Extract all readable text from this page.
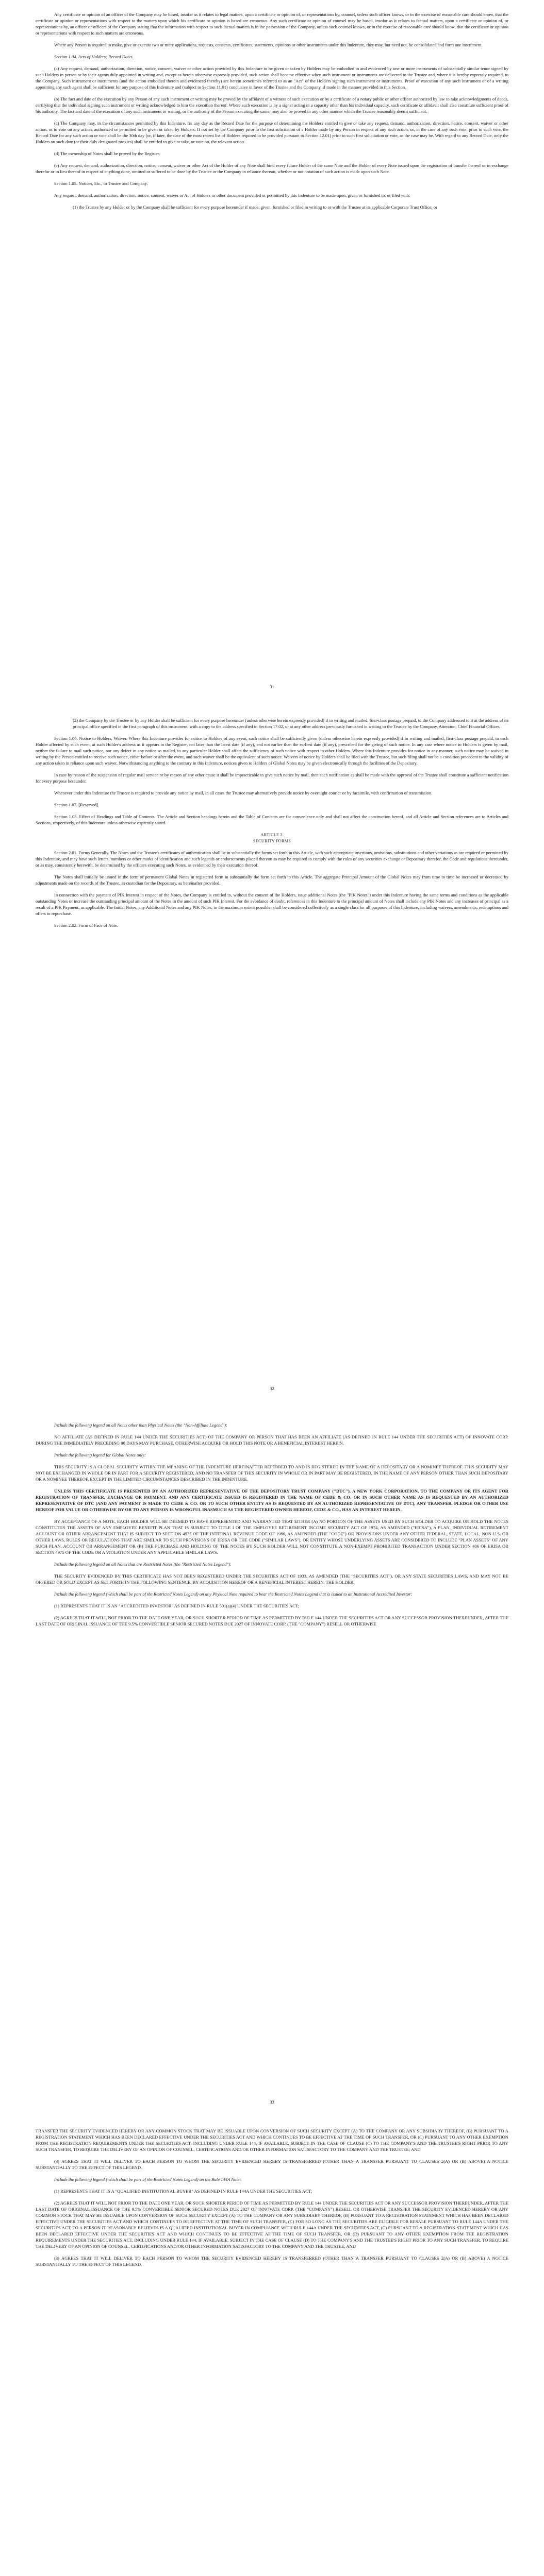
Any certificate or opinion of an officer of the Company may be based, insofar as it relates to legal matters, upon a certificate or opinion of, or representations by, counsel, unless such officer knows, or in the exercise of reasonable care should know, that the certificate or opinion or representations with respect to the matters upon which his certificate or opinion is based are erroneous. Any such certificate or opinion of counsel may be based, insofar as it relates to factual matters, upon a certificate or opinion of, or representations by, an officer or officers of the Company stating that the information with respect to such factual matters is in the possession of the Company, unless such counsel knows, or in the exercise of reasonable care should know, that the certificate or opinion or representations with respect to such matters are erroneous.

Where any Person is required to make, give or execute two or more applications, requests, consents, certificates, statements, opinions or other instruments under this Indenture, they may, but need not, be consolidated and form one instrument.

Section 1.04. Acts of Holders; Record Dates.

(a) Any request, demand, authorization, direction, notice, consent, waiver or other action provided by this Indenture to be given or taken by Holders may be embodied in and evidenced by one or more instruments of substantially similar tenor signed by such Holders in person or by their agents duly appointed in writing and, except as herein otherwise expressly provided, such action shall become effective when such instrument or instruments are delivered to the Trustee and, where it is hereby expressly required, to the Company. Such instrument or instruments (and the action embodied therein and evidenced thereby) are herein sometimes referred to as an "Act" of the Holders signing such instrument or instruments. Proof of execution of any such instrument or of a writing appointing any such agent shall be sufficient for any purpose of this Indenture and (subject to Section 11.01) conclusive in favor of the Trustee and the Company, if made in the manner provided in this Section.

(b) The fact and date of the execution by any Person of any such instrument or writing may be proved by the affidavit of a witness of such execution or by a certificate of a notary public or other officer authorized by law to take acknowledgments of deeds, certifying that the individual signing such instrument or writing acknowledged to him the execution thereof. Where such execution is by a signer acting in a capacity other than his individual capacity, such certificate or affidavit shall also constitute sufficient proof of his authority. The fact and date of the execution of any such instrument or writing, or the authority of the Person executing the same, may also be proved in any other manner which the Trustee reasonably deems sufficient.

(c) The Company may, in the circumstances permitted by this Indenture, fix any day as the Record Date for the purpose of determining the Holders entitled to give or take any request, demand, authorization, direction, notice, consent, waiver or other action, or to vote on any action, authorized or permitted to be given or taken by Holders. If not set by the Company prior to the first solicitation of a Holder made by any Person in respect of any such action, or, in the case of any such vote, prior to such vote, the Record Date for any such action or vote shall be the 30th day (or, if later, the date of the most recent list of Holders required to be provided pursuant to Section 12.01) prior to such first solicitation or vote, as the case may be. With regard to any Record Date, only the Holders on such date (or their duly designated proxies) shall be entitled to give or take, or vote on, the relevant action.

(d) The ownership of Notes shall be proved by the Register.

(e) Any request, demand, authorization, direction, notice, consent, waiver or other Act of the Holder of any Note shall bind every future Holder of the same Note and the Holder of every Note issued upon the registration of transfer thereof or in exchange therefor or in lieu thereof in respect of anything done, omitted or suffered to be done by the Trustee or the Company in reliance thereon, whether or not notation of such action is made upon such Note.

Section 1.05. Notices, Etc., to Trustee and Company.

Any request, demand, authorization, direction, notice, consent, waiver or Act of Holders or other document provided or permitted by this Indenture to be made upon, given or furnished to, or filed with:

(1) the Trustee by any Holder or by the Company shall be sufficient for every purpose hereunder if made, given, furnished or filed in writing to or with the Trustee at its applicable Corporate Trust Office; or

31

(2) the Company by the Trustee or by any Holder shall be sufficient for every purpose hereunder (unless otherwise herein expressly provided) if in writing and mailed, first-class postage prepaid, to the Company addressed to it at the address of its principal office specified in the first paragraph of this instrument, with a copy to the address specified in Section 17.02, or at any other address previously furnished in writing to the Trustee by the Company, Attention: Chief Financial Officer.

Section 1.06. Notice to Holders; Waiver. Where this Indenture provides for notice to Holders of any event, such notice shall be sufficiently given (unless otherwise herein expressly provided) if in writing and mailed, first-class postage prepaid, to each Holder affected by such event, at such Holder's address as it appears in the Register, not later than the latest date (if any), and not earlier than the earliest date (if any), prescribed for the giving of such notice. In any case where notice to Holders is given by mail, neither the failure to mail such notice, nor any defect in any notice so mailed, to any particular Holder shall affect the sufficiency of such notice with respect to other Holders. Where this Indenture provides for notice in any manner, such notice may be waived in writing by the Person entitled to receive such notice, either before or after the event, and such waiver shall be the equivalent of such notice. Waivers of notice by Holders shall be filed with the Trustee, but such filing shall not be a condition precedent to the validity of any action taken in reliance upon such waiver. Notwithstanding anything to the contrary in this Indenture, notices given to Holders of Global Notes may be given electronically through the facilities of the Depositary.

In case by reason of the suspension of regular mail service or by reason of any other cause it shall be impracticable to give such notice by mail, then such notification as shall be made with the approval of the Trustee shall constitute a sufficient notification for every purpose hereunder.

Whenever under this Indenture the Trustee is required to provide any notice by mail, in all cases the Trustee may alternatively provide notice by overnight courier or by facsimile, with confirmation of transmission.

Section 1.07. [Reserved].

Section 1.08. Effect of Headings and Table of Contents. The Article and Section headings herein and the Table of Contents are for convenience only and shall not affect the construction hereof, and all Article and Section references are to Articles and Sections, respectively, of this Indenture unless otherwise expressly stated.

ARTICLE 2.

SECURITY FORMS

Section 2.01. Forms Generally. The Notes and the Trustee's certificates of authentication shall be in substantially the forms set forth in this Article, with such appropriate insertions, omissions, substitutions and other variations as are required or permitted by this Indenture, and may have such letters, numbers or other marks of identification and such legends or endorsements placed thereon as may be required to comply with the rules of any securities exchange or Depositary therefor, the Code and regulations thereunder, or as may, consistently herewith, be determined by the officers executing such Notes, as evidenced by their execution thereof.

The Notes shall initially be issued in the form of permanent Global Notes in registered form in substantially the form set forth in this Article. The aggregate Principal Amount of the Global Notes may from time to time be increased or decreased by adjustments made on the records of the Trustee, as custodian for the Depositary, as hereinafter provided.

In connection with the payment of PIK Interest in respect of the Notes, the Company is entitled to, without the consent of the Holders, issue additional Notes (the "PIK Notes") under this Indenture having the same terms and conditions as the applicable outstanding Notes or increase the outstanding principal amount of the Notes in the amount of such PIK Interest. For the avoidance of doubt, references in this Indenture to the principal amount of Notes shall include any PIK Notes and any increases of principal as a result of a PIK Payment, as applicable. The Initial Notes, any Additional Notes and any PIK Notes, to the maximum extent possible, shall be considered collectively as a single class for all purposes of this Indenture, including waivers, amendments, redemptions and offers to repurchase.

Section 2.02. Form of Face of Note.

32

Include the following legend on all Notes other than Physical Notes (the "Non-Affiliate Legend"):

NO AFFILIATE (AS DEFINED IN RULE 144 UNDER THE SECURITIES ACT) OF THE COMPANY OR PERSON THAT HAS BEEN AN AFFILIATE (AS DEFINED IN RULE 144 UNDER THE SECURITIES ACT) OF INNOVATE CORP. DURING THE IMMEDIATELY PRECEDING 90 DAYS MAY PURCHASE, OTHERWISE ACQUIRE OR HOLD THIS NOTE OR A BENEFICIAL INTEREST HEREIN.

Include the following legend for Global Notes only:

THIS SECURITY IS A GLOBAL SECURITY WITHIN THE MEANING OF THE INDENTURE HEREINAFTER REFERRED TO AND IS REGISTERED IN THE NAME OF A DEPOSITARY OR A NOMINEE THEREOF. THIS SECURITY MAY NOT BE EXCHANGED IN WHOLE OR IN PART FOR A SECURITY REGISTERED, AND NO TRANSFER OF THIS SECURITY IN WHOLE OR IN PART MAY BE REGISTERED, IN THE NAME OF ANY PERSON OTHER THAN SUCH DEPOSITARY OR A NOMINEE THEREOF, EXCEPT IN THE LIMITED CIRCUMSTANCES DESCRIBED IN THE INDENTURE.

UNLESS THIS CERTIFICATE IS PRESENTED BY AN AUTHORIZED REPRESENTATIVE OF THE DEPOSITORY TRUST COMPANY ("DTC"), A NEW YORK CORPORATION, TO THE COMPANY OR ITS AGENT FOR REGISTRATION OF TRANSFER, EXCHANGE OR PAYMENT, AND ANY CERTIFICATE ISSUED IS REGISTERED IN THE NAME OF CEDE & CO. OR IN SUCH OTHER NAME AS IS REQUESTED BY AN AUTHORIZED REPRESENTATIVE OF DTC (AND ANY PAYMENT IS MADE TO CEDE & CO. OR TO SUCH OTHER ENTITY AS IS REQUESTED BY AN AUTHORIZED REPRESENTATIVE OF DTC), ANY TRANSFER, PLEDGE OR OTHER USE HEREOF FOR VALUE OR OTHERWISE BY OR TO ANY PERSON IS WRONGFUL INASMUCH AS THE REGISTERED OWNER HEREOF, CEDE & CO., HAS AN INTEREST HEREIN.

BY ACCEPTANCE OF A NOTE, EACH HOLDER WILL BE DEEMED TO HAVE REPRESENTED AND WARRANTED THAT EITHER (A) NO PORTION OF THE ASSETS USED BY SUCH HOLDER TO ACQUIRE OR HOLD THE NOTES CONSTITUTES THE ASSETS OF ANY EMPLOYEE BENEFIT PLAN THAT IS SUBJECT TO TITLE I OF THE EMPLOYEE RETIREMENT INCOME SECURITY ACT OF 1974, AS AMENDED ("ERISA"), A PLAN, INDIVIDUAL RETIREMENT ACCOUNT OR OTHER ARRANGEMENT THAT IS SUBJECT TO SECTION 4975 OF THE INTERNAL REVENUE CODE OF 1986, AS AMENDED (THE "CODE") OR PROVISIONS UNDER ANY OTHER FEDERAL, STATE, LOCAL, NON-U.S. OR OTHER LAWS, RULES OR REGULATIONS THAT ARE SIMILAR TO SUCH PROVISIONS OF ERISA OR THE CODE ("SIMILAR LAWS"), OR ENTITY WHOSE UNDERLYING ASSETS ARE CONSIDERED TO INCLUDE "PLAN ASSETS" OF ANY SUCH PLAN, ACCOUNT OR ARRANGEMENT OR (B) THE PURCHASE AND HOLDING OF THE NOTES BY SUCH HOLDER WILL NOT CONSTITUTE A NON-EXEMPT PROHIBITED TRANSACTION UNDER SECTION 406 OF ERISA OR SECTION 4975 OF THE CODE OR A VIOLATION UNDER ANY APPLICABLE SIMILAR LAWS.

Include the following legend on all Notes that are Restricted Notes (the "Restricted Notes Legend"):

THE SECURITY EVIDENCED BY THIS CERTIFICATE HAS NOT BEEN REGISTERED UNDER THE SECURITIES ACT OF 1933, AS AMENDED (THE "SECURITIES ACT"), OR ANY STATE SECURITIES LAWS, AND MAY NOT BE OFFERED OR SOLD EXCEPT AS SET FORTH IN THE FOLLOWING SENTENCE. BY ACQUISITION HEREOF OR A BENEFICIAL INTEREST HEREIN, THE HOLDER:

Include the following legend (which shall be part of the Restricted Notes Legend) on any Physical Note required to bear the Restricted Notes Legend that is issued to an Institutional Accredited Investor:

(1) REPRESENTS THAT IT IS AN "ACCREDITED INVESTOR" AS DEFINED IN RULE 501(a)(4) UNDER THE SECURITIES ACT;

(2) AGREES THAT IT WILL NOT PRIOR TO THE DATE ONE YEAR, OR SUCH SHORTER PERIOD OF TIME AS PERMITTED BY RULE 144 UNDER THE SECURITIES ACT OR ANY SUCCESSOR PROVISION THEREUNDER, AFTER THE LAST DATE OF ORIGINAL ISSUANCE OF THE 9.5% CONVERTIBLE SENIOR SECURED NOTES DUE 2027 OF INNOVATE CORP. (THE "COMPANY") RESELL OR OTHERWISE

33

TRANSFER THE SECURITY EVIDENCED HEREBY OR ANY COMMON STOCK THAT MAY BE ISSUABLE UPON CONVERSION OF SUCH SECURITY EXCEPT (A) TO THE COMPANY OR ANY SUBSIDIARY THEREOF, (B) PURSUANT TO A REGISTRATION STATEMENT WHICH HAS BEEN DECLARED EFFECTIVE UNDER THE SECURITIES ACT AND WHICH CONTINUES TO BE EFFECTIVE AT THE TIME OF SUCH TRANSFER, OR (C) PURSUANT TO ANY OTHER EXEMPTION FROM THE REGISTRATION REQUIREMENTS UNDER THE SECURITIES ACT, INCLUDING UNDER RULE 144, IF AVAILABLE, SUBJECT IN THE CASE OF CLAUSE (C) TO THE COMPANY'S AND THE TRUSTEE'S RIGHT PRIOR TO ANY SUCH TRANSFER, TO REQUIRE THE DELIVERY OF AN OPINION OF COUNSEL, CERTIFICATIONS AND/OR OTHER INFORMATION SATISFACTORY TO THE COMPANY AND THE TRUSTEE; AND

(3) AGREES THAT IT WILL DELIVER TO EACH PERSON TO WHOM THE SECURITY EVIDENCED HEREBY IS TRANSFERRED (OTHER THAN A TRANSFER PURSUANT TO CLAUSES 2(A) OR (B) ABOVE) A NOTICE SUBSTANTIALLY TO THE EFFECT OF THIS LEGEND.

Include the following legend (which shall be part of the Restricted Notes Legend) on the Rule 144A Note:

(1) REPRESENTS THAT IT IS A "QUALIFIED INSTITUTIONAL BUYER" AS DEFINED IN RULE 144A UNDER THE SECURITIES ACT;

(2) AGREES THAT IT WILL NOT PRIOR TO THE DATE ONE YEAR, OR SUCH SHORTER PERIOD OF TIME AS PERMITTED BY RULE 144 UNDER THE SECURITIES ACT OR ANY SUCCESSOR PROVISION THEREUNDER, AFTER THE LAST DATE OF ORIGINAL ISSUANCE OF THE 9.5% CONVERTIBLE SENIOR SECURED NOTES DUE 2027 OF INNOVATE CORP. (THE "COMPANY") RESELL OR OTHERWISE TRANSFER THE SECURITY EVIDENCED HEREBY OR ANY COMMON STOCK THAT MAY BE ISSUABLE UPON CONVERSION OF SUCH SECURITY EXCEPT (A) TO THE COMPANY OR ANY SUBSIDIARY THEREOF, (B) PURSUANT TO A REGISTRATION STATEMENT WHICH HAS BEEN DECLARED EFFECTIVE UNDER THE SECURITIES ACT AND WHICH CONTINUES TO BE EFFECTIVE AT THE TIME OF SUCH TRANSFER, (C) FOR SO LONG AS THE SECURITIES ARE ELIGIBLE FOR RESALE PURSUANT TO RULE 144A UNDER THE SECURITIES ACT, TO A PERSON IT REASONABLY BELIEVES IS A QUALIFIED INSTITUTIONAL BUYER IN COMPLIANCE WITH RULE 144A UNDER THE SECURITIES ACT, (C) PURSUANT TO A REGISTRATION STATEMENT WHICH HAS BEEN DECLARED EFFECTIVE UNDER THE SECURITIES ACT AND WHICH CONTINUES TO BE EFFECTIVE AT THE TIME OF SUCH TRANSFER, OR (D) PURSUANT TO ANY OTHER EXEMPTION FROM THE REGISTRATION REQUIREMENTS UNDER THE SECURITIES ACT, INCLUDING UNDER RULE 144, IF AVAILABLE, SUBJECT IN THE CASE OF CLAUSE (D) TO THE COMPANY'S AND THE TRUSTEE'S RIGHT PRIOR TO ANY SUCH TRANSFER, TO REQUIRE THE DELIVERY OF AN OPINION OF COUNSEL, CERTIFICATIONS AND/OR OTHER INFORMATION SATISFACTORY TO THE COMPANY AND THE TRUSTEE; AND

(3) AGREES THAT IT WILL DELIVER TO EACH PERSON TO WHOM THE SECURITY EVIDENCED HEREBY IS TRANSFERRED (OTHER THAN A TRANSFER PURSUANT TO CLAUSES 2(A) OR (B) ABOVE) A NOTICE SUBSTANTIALLY TO THE EFFECT OF THIS LEGEND.
